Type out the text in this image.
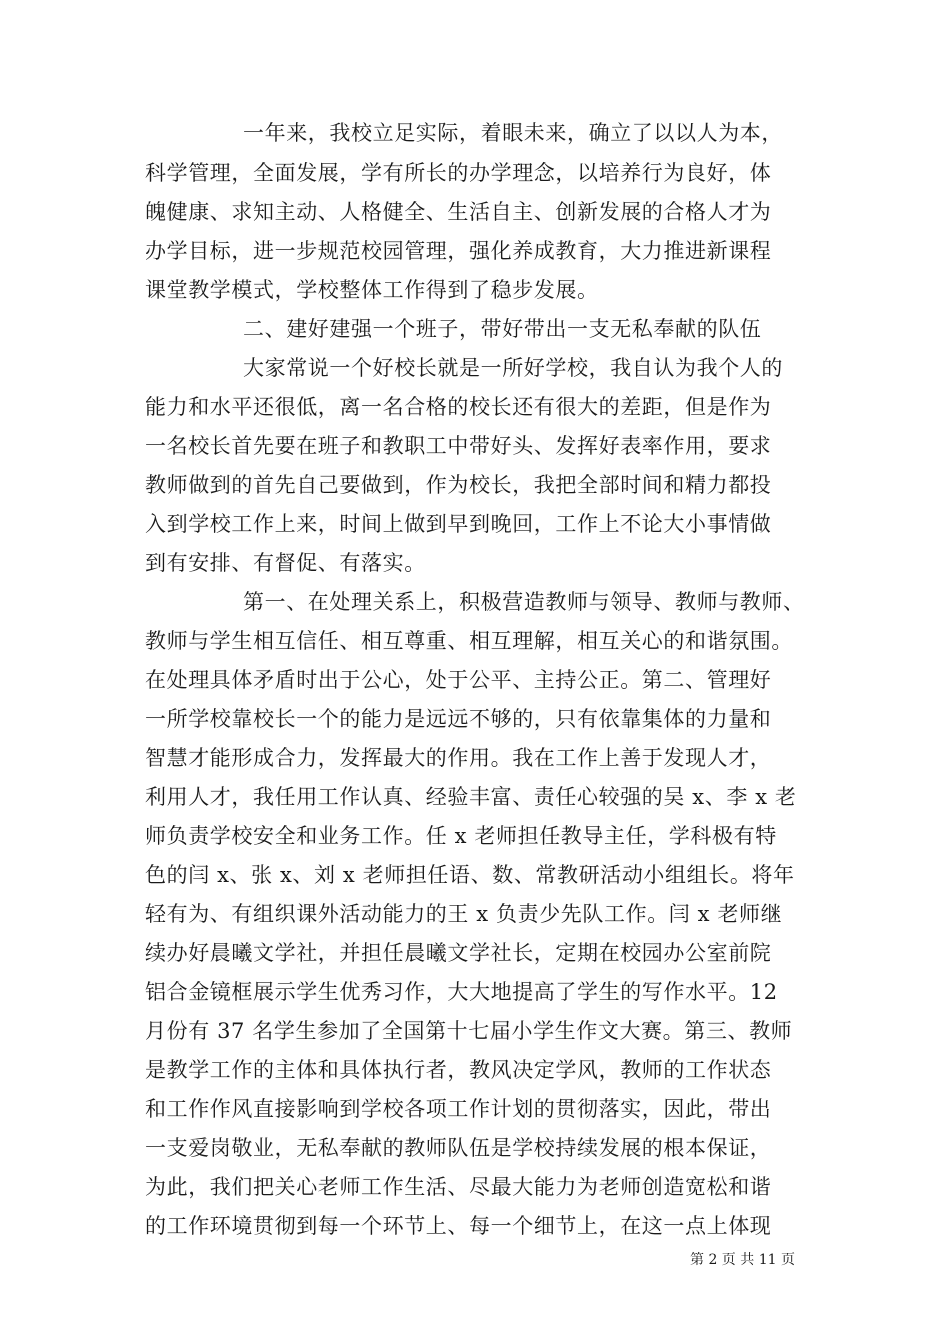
一年来，我校立足实际，着眼未来，确立了以以人为本，
科学管理，全面发展，学有所长的办学理念，以培养行为良好，体
魄健康、求知主动、人格健全、生活自主、创新发展的合格人才为
办学目标，进一步规范校园管理，强化养成教育，大力推进新课程
课堂教学模式，学校整体工作得到了稳步发展。
二、建好建强一个班子，带好带出一支无私奉献的队伍
大家常说一个好校长就是一所好学校，我自认为我个人的
能力和水平还很低，离一名合格的校长还有很大的差距，但是作为
一名校长首先要在班子和教职工中带好头、发挥好表率作用，要求
教师做到的首先自己要做到，作为校长，我把全部时间和精力都投
入到学校工作上来，时间上做到早到晚回，工作上不论大小事情做
到有安排、有督促、有落实。
第一、在处理关系上，积极营造教师与领导、教师与教师、
教师与学生相互信任、相互尊重、相互理解，相互关心的和谐氛围。
在处理具体矛盾时出于公心，处于公平、主持公正。第二、管理好
一所学校靠校长一个的能力是远远不够的，只有依靠集体的力量和
智慧才能形成合力，发挥最大的作用。我在工作上善于发现人才，
利用人才，我任用工作认真、经验丰富、责任心较强的吴 x、李 x 老
师负责学校安全和业务工作。任 x 老师担任教导主任，学科极有特
色的闫 x、张 x、刘 x 老师担任语、数、常教研活动小组组长。将年
轻有为、有组织课外活动能力的王 x 负责少先队工作。闫 x 老师继
续办好晨曦文学社，并担任晨曦文学社长，定期在校园办公室前院
铝合金镜框展示学生优秀习作，大大地提高了学生的写作水平。12
月份有 37 名学生参加了全国第十七届小学生作文大赛。第三、教师
是教学工作的主体和具体执行者，教风决定学风，教师的工作状态
和工作作风直接影响到学校各项工作计划的贯彻落实，因此，带出
一支爱岗敬业，无私奉献的教师队伍是学校持续发展的根本保证，
为此，我们把关心老师工作生活、尽最大能力为老师创造宽松和谐
的工作环境贯彻到每一个环节上、每一个细节上，在这一点上体现
第 2 页 共 11 页
